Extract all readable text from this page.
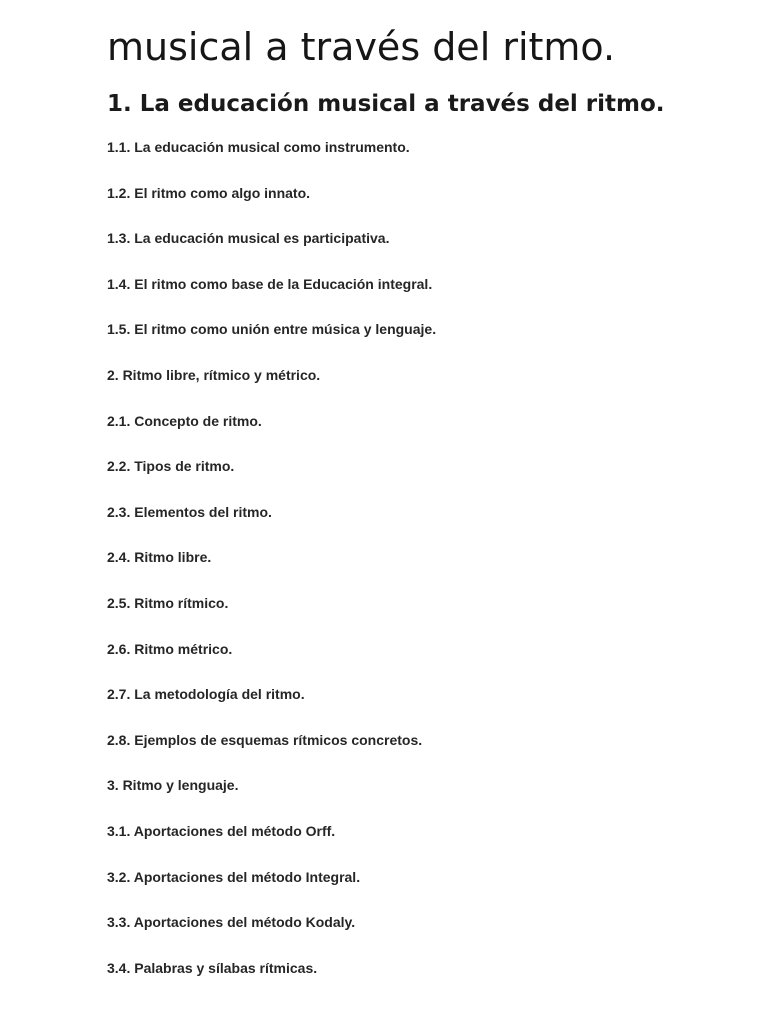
musical a través del ritmo.
1. La educación musical a través del ritmo.
1.1. La educación musical como instrumento.
1.2. El ritmo como algo innato.
1.3. La educación musical es participativa.
1.4. El ritmo como base de la Educación integral.
1.5. El ritmo como unión entre música y lenguaje.
2. Ritmo libre, rítmico y métrico.
2.1. Concepto de ritmo.
2.2. Tipos de ritmo.
2.3. Elementos del ritmo.
2.4. Ritmo libre.
2.5. Ritmo rítmico.
2.6. Ritmo métrico.
2.7. La metodología del ritmo.
2.8. Ejemplos de esquemas rítmicos concretos.
3. Ritmo y lenguaje.
3.1. Aportaciones del método Orff.
3.2. Aportaciones del método Integral.
3.3. Aportaciones del método Kodaly.
3.4. Palabras y sílabas rítmicas.
